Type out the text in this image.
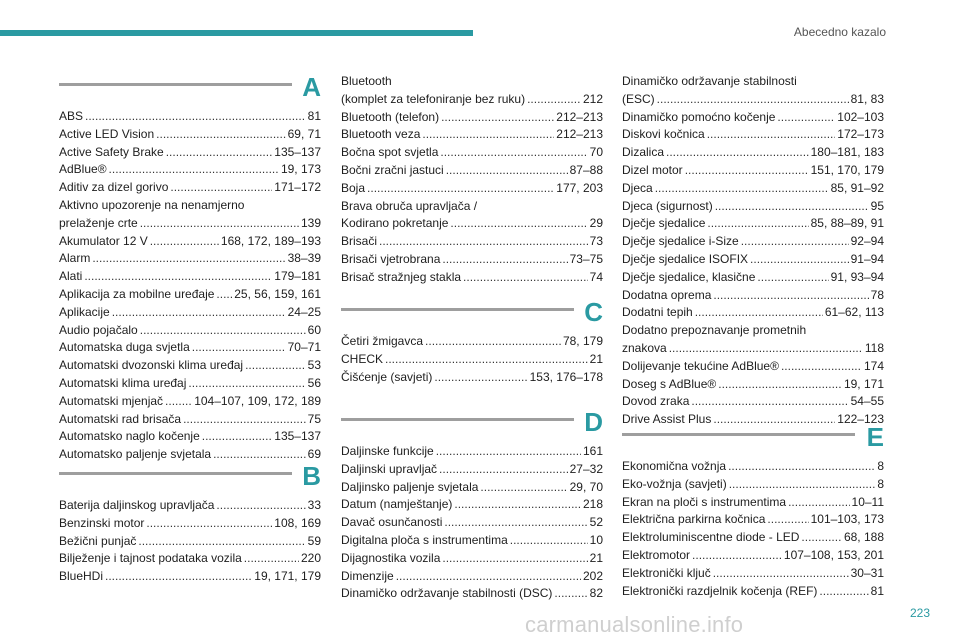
Abecedno kazalo
A
ABS .....	81
Active LED Vision .....	69, 71
Active Safety Brake .....	135–137
AdBlue® .....	19, 173
Aditiv za dizel gorivo .....	171–172
Aktivno upozorenje na nenamjerno
prelaženje crte .....	139
Akumulator 12 V .....	168, 172, 189–193
Alarm .....	38–39
Alati .....	179–181
Aplikacija za mobilne uređaje ..... 25, 56, 159, 161
Aplikacije .....	24–25
Audio pojačalo .....	60
Automatska duga svjetla .....	70–71
Automatski dvozonski klima uređaj .....	53
Automatski klima uređaj .....	56
Automatski mjenjač .....	104–107, 109, 172, 189
Automatski rad brisača .....	75
Automatsko naglo kočenje .....	135–137
Automatsko paljenje svjetala .....	69
B
Baterija daljinskog upravljača .....	33
Benzinski motor .....	108, 169
Bežični punjač .....	59
Bilježenje i tajnost podataka vozila .....	220
BlueHDi .....	19, 171, 179
Bluetooth
(komplet za telefoniranje bez ruku) .....	212
Bluetooth (telefon) .....	212–213
Bluetooth veza .....	212–213
Bočna spot svjetla .....	70
Bočni zračni jastuci .....	87–88
Boja .....	177, 203
Brava obruča upravljača /
Kodirano pokretanje .....	29
Brisači .....	73
Brisači vjetrobrana .....	73–75
Brisač stražnjeg stakla .....	74
C
Četiri žmigavca .....	78, 179
CHECK .....	21
Čišćenje (savjeti) .....	153, 176–178
D
Daljinske funkcije .....	161
Daljinski upravljač .....	27–32
Daljinsko paljenje svjetala .....	29, 70
Datum (namještanje) .....	218
Davač osunčanosti .....	52
Digitalna ploča s instrumentima .....	10
Dijagnostika vozila .....	21
Dimenzije .....	202
Dinamičko održavanje stabilnosti (DSC) .....	82
Dinamičko održavanje stabilnosti
(ESC) .....	81, 83
Dinamičko pomoćno kočenje .....	102–103
Diskovi kočnica .....	172–173
Dizalica .....	180–181, 183
Dizel motor .....	151, 170, 179
Djeca .....	85, 91–92
Djeca (sigurnost) .....	95
Dječje sjedalice .....	85, 88–89, 91
Dječje sjedalice i-Size .....	92–94
Dječje sjedalice ISOFIX .....	91–94
Dječje sjedalice, klasične .....	91, 93–94
Dodatna oprema .....	78
Dodatni tepih .....	61–62, 113
Dodatno prepoznavanje prometnih
znakova .....	118
Dolijevanje tekućine AdBlue® .....	174
Doseg s AdBlue® .....	19, 171
Dovod zraka .....	54–55
Drive Assist Plus .....	122–123
E
Ekonomična vožnja .....	8
Eko-vožnja (savjeti) .....	8
Ekran na ploči s instrumentima .....	10–11
Električna parkirna kočnica .....	101–103, 173
Elektroluminiscentne diode - LED .....	68, 188
Elektromotor .....	107–108, 153, 201
Elektronički ključ .....	30–31
Elektronički razdjelnik kočenja (REF) .....	81
223
carmanualsonline.info
